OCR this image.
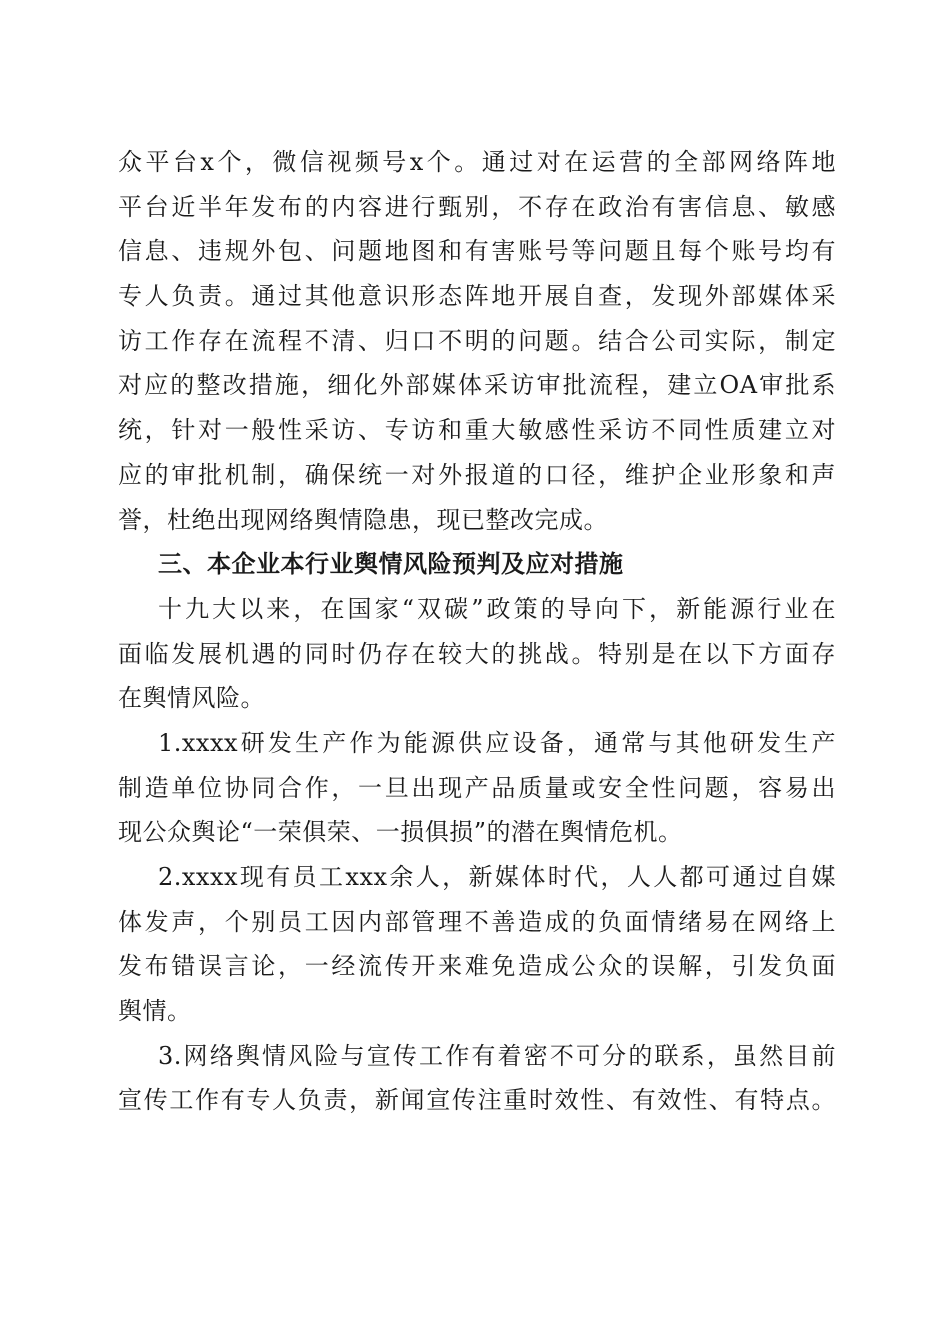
众平台x个，微信视频号x个。通过对在运营的全部网络阵地
平台近半年发布的内容进行甄别，不存在政治有害信息、敏感
信息、违规外包、问题地图和有害账号等问题且每个账号均有
专人负责。通过其他意识形态阵地开展自查，发现外部媒体采
访工作存在流程不清、归口不明的问题。结合公司实际，制定
对应的整改措施，细化外部媒体采访审批流程，建立OA审批系
统，针对一般性采访、专访和重大敏感性采访不同性质建立对
应的审批机制，确保统一对外报道的口径，维护企业形象和声
誉，杜绝出现网络舆情隐患，现已整改完成。
三、本企业本行业舆情风险预判及应对措施
十九大以来，在国家“双碳”政策的导向下，新能源行业在
面临发展机遇的同时仍存在较大的挑战。特别是在以下方面存
在舆情风险。
1.xxxx研发生产作为能源供应设备，通常与其他研发生产
制造单位协同合作，一旦出现产品质量或安全性问题，容易出
现公众舆论“一荣俱荣、一损俱损”的潜在舆情危机。
2.xxxx现有员工xxx余人，新媒体时代，人人都可通过自媒
体发声，个别员工因内部管理不善造成的负面情绪易在网络上
发布错误言论，一经流传开来难免造成公众的误解，引发负面
舆情。
3.网络舆情风险与宣传工作有着密不可分的联系，虽然目前
宣传工作有专人负责，新闻宣传注重时效性、有效性、有特点。
